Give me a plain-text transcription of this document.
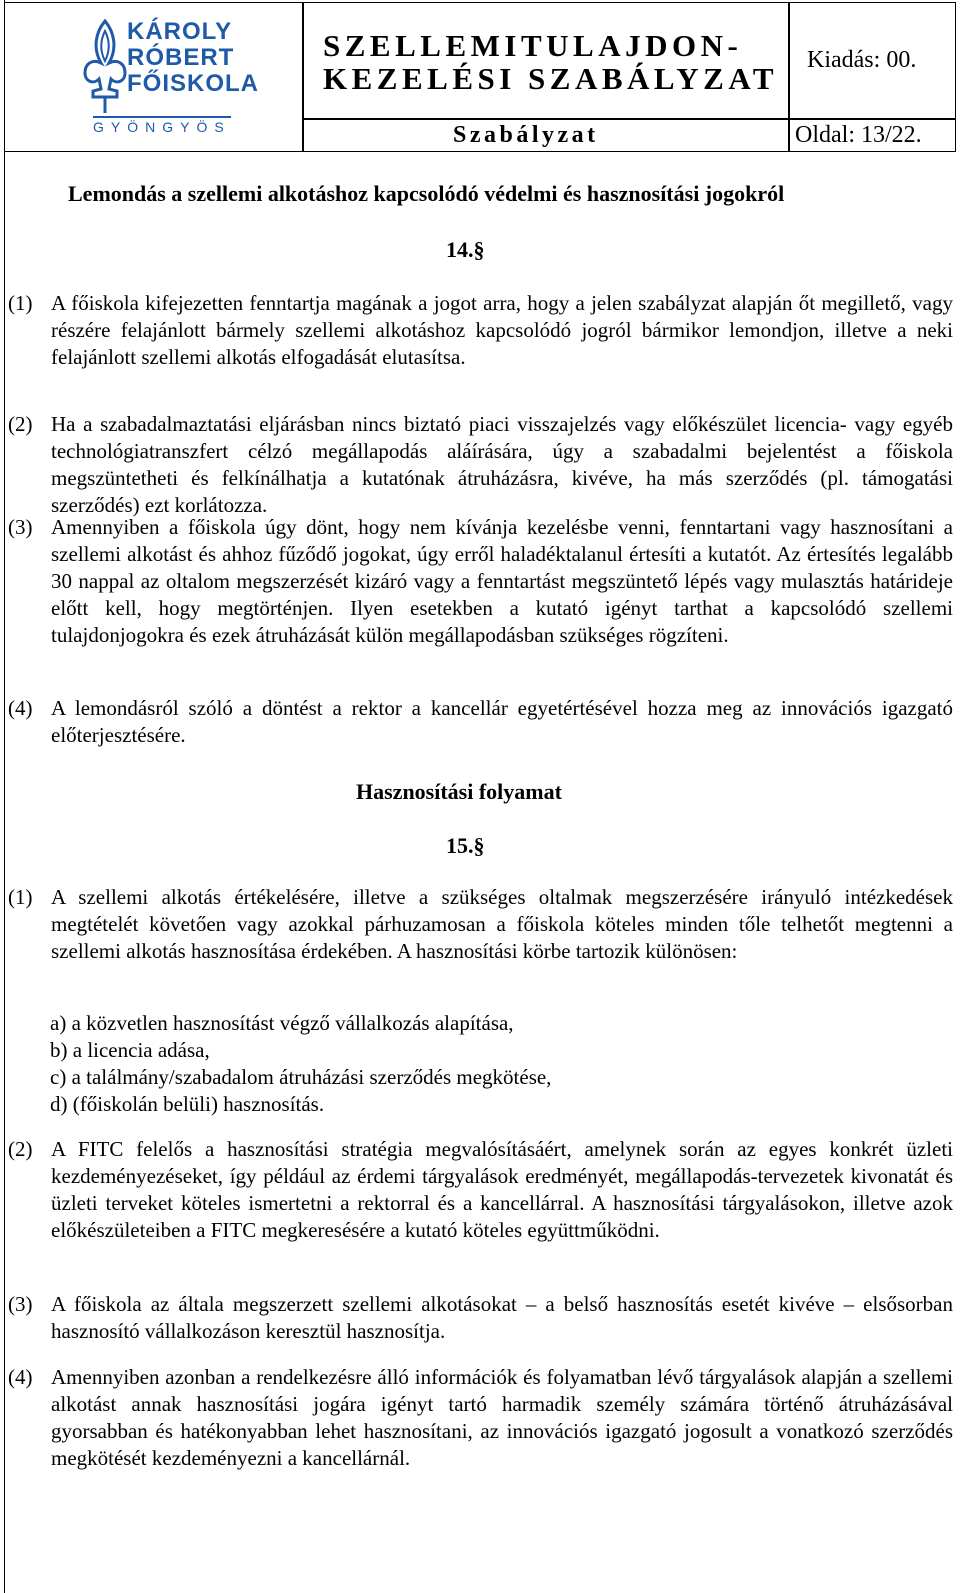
KÁROLY
RÓBERT
FŐISKOLA
GYÖNGYÖS
SZELLEMITULAJDON-
KEZELÉSI SZABÁLYZAT
Kiadás: 00.
Szabályzat	Oldal: 13/22.
Lemondás a szellemi alkotáshoz kapcsolódó védelmi és hasznosítási jogokról
14.§
(1) A főiskola kifejezetten fenntartja magának a jogot arra, hogy a jelen szabályzat alapján őt megillető, vagy részére felajánlott bármely szellemi alkotáshoz kapcsolódó jogról bármikor lemondjon, illetve a neki felajánlott szellemi alkotás elfogadását elutasítsa.
(2) Ha a szabadalmaztatási eljárásban nincs biztató piaci visszajelzés vagy előkészület licencia- vagy egyéb technológiatranszfert célzó megállapodás aláírására, úgy a szabadalmi bejelentést a főiskola megszüntetheti és felkínálhatja a kutatónak átruházásra, kivéve, ha más szerződés (pl. támogatási szerződés) ezt korlátozza.
(3) Amennyiben a főiskola úgy dönt, hogy nem kívánja kezelésbe venni, fenntartani vagy hasznosítani a szellemi alkotást és ahhoz fűződő jogokat, úgy erről haladéktalanul értesíti a kutatót. Az értesítés legalább 30 nappal az oltalom megszerzését kizáró vagy a fenntartást megszüntető lépés vagy mulasztás határideje előtt kell, hogy megtörténjen. Ilyen esetekben a kutató igényt tarthat a kapcsolódó szellemi tulajdonjogokra és ezek átruházását külön megállapodásban szükséges rögzíteni.
(4) A lemondásról szóló a döntést a rektor a kancellár egyetértésével hozza meg az innovációs igazgató előterjesztésére.
Hasznosítási folyamat
15.§
(1) A szellemi alkotás értékelésére, illetve a szükséges oltalmak megszerzésére irányuló intézkedések megtételét követően vagy azokkal párhuzamosan a főiskola köteles minden tőle telhetőt megtenni a szellemi alkotás hasznosítása érdekében. A hasznosítási körbe tartozik különösen:
a) a közvetlen hasznosítást végző vállalkozás alapítása,
b) a licencia adása,
c) a találmány/szabadalom átruházási szerződés megkötése,
d) (főiskolán belüli) hasznosítás.
(2) A FITC felelős a hasznosítási stratégia megvalósításáért, amelynek során az egyes konkrét üzleti kezdeményezéseket, így például az érdemi tárgyalások eredményét, megállapodás-tervezetek kivonatát és üzleti terveket köteles ismertetni a rektorral és a kancellárral. A hasznosítási tárgyalásokon, illetve azok előkészületeiben a FITC megkeresésére a kutató köteles együttműködni.
(3) A főiskola az általa megszerzett szellemi alkotásokat – a belső hasznosítás esetét kivéve – elsősorban hasznosító vállalkozáson keresztül hasznosítja.
(4) Amennyiben azonban a rendelkezésre álló információk és folyamatban lévő tárgyalások alapján a szellemi alkotást annak hasznosítási jogára igényt tartó harmadik személy számára történő átruházásával gyorsabban és hatékonyabban lehet hasznosítani, az innovációs igazgató jogosult a vonatkozó szerződés megkötését kezdeményezni a kancellárnál.
